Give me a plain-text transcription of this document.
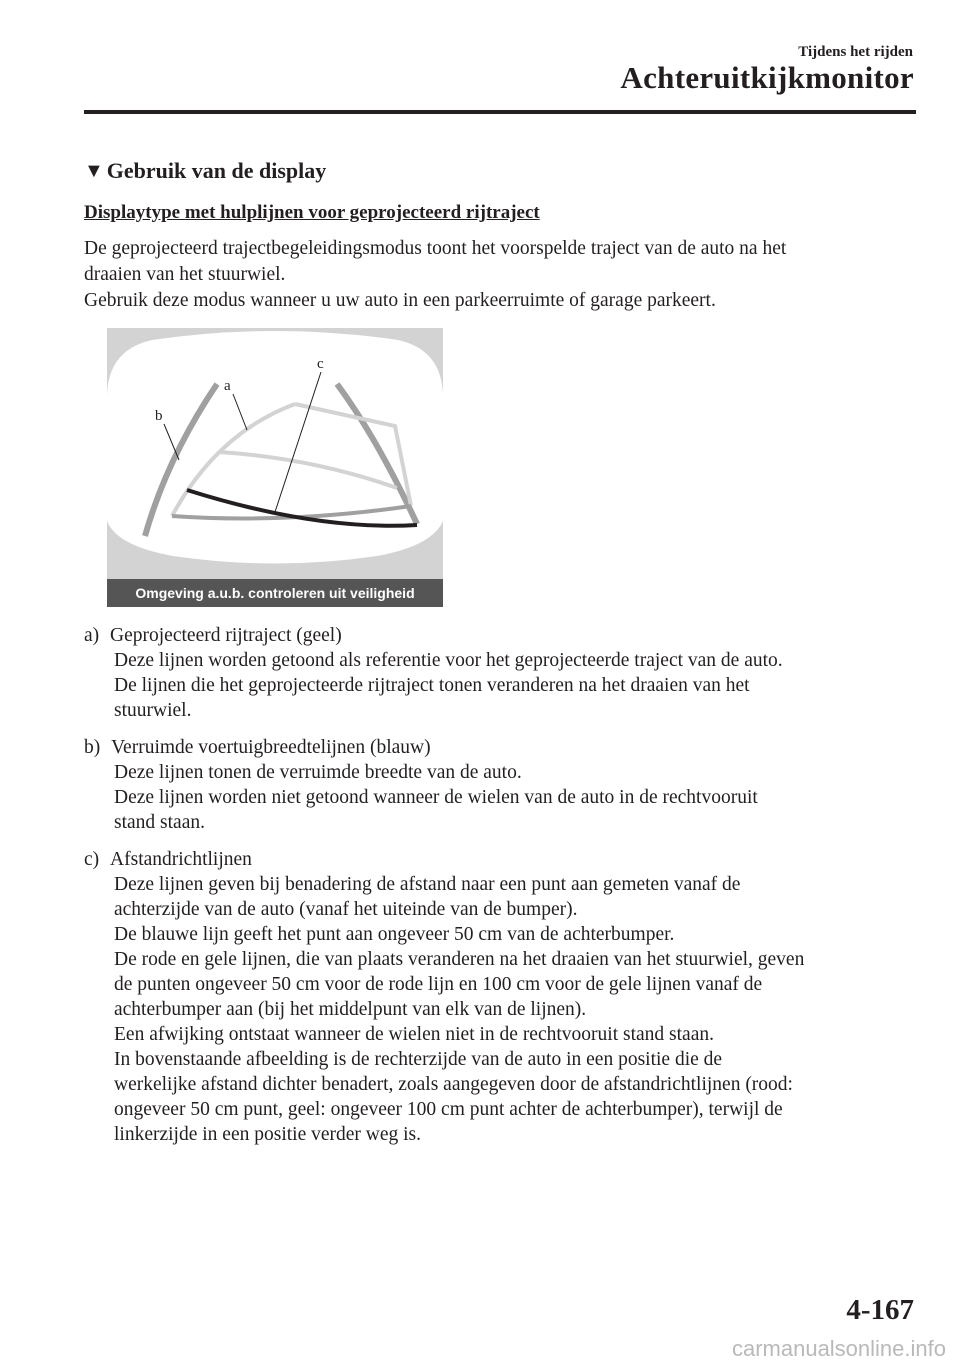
Tijdens het rijden
Achteruitkijkmonitor
▼ Gebruik van de display
Displaytype met hulplijnen voor geprojecteerd rijtraject
De geprojecteerd trajectbegeleidingsmodus toont het voorspelde traject van de auto na het
draaien van het stuurwiel.
Gebruik deze modus wanneer u uw auto in een parkeerruimte of garage parkeert.
a
b
c
Omgeving a.u.b. controleren uit veiligheid
a) Geprojecteerd rijtraject (geel)
Deze lijnen worden getoond als referentie voor het geprojecteerde traject van de auto.
De lijnen die het geprojecteerde rijtraject tonen veranderen na het draaien van het
stuurwiel.
b) Verruimde voertuigbreedtelijnen (blauw)
Deze lijnen tonen de verruimde breedte van de auto.
Deze lijnen worden niet getoond wanneer de wielen van de auto in de rechtvooruit
stand staan.
c) Afstandrichtlijnen
Deze lijnen geven bij benadering de afstand naar een punt aan gemeten vanaf de
achterzijde van de auto (vanaf het uiteinde van de bumper).
De blauwe lijn geeft het punt aan ongeveer 50 cm van de achterbumper.
De rode en gele lijnen, die van plaats veranderen na het draaien van het stuurwiel, geven
de punten ongeveer 50 cm voor de rode lijn en 100 cm voor de gele lijnen vanaf de
achterbumper aan (bij het middelpunt van elk van de lijnen).
Een afwijking ontstaat wanneer de wielen niet in de rechtvooruit stand staan.
In bovenstaande afbeelding is de rechterzijde van de auto in een positie die de
werkelijke afstand dichter benadert, zoals aangegeven door de afstandrichtlijnen (rood:
ongeveer 50 cm punt, geel: ongeveer 100 cm punt achter de achterbumper), terwijl de
linkerzijde in een positie verder weg is.
4-167
carmanualsonline.info
